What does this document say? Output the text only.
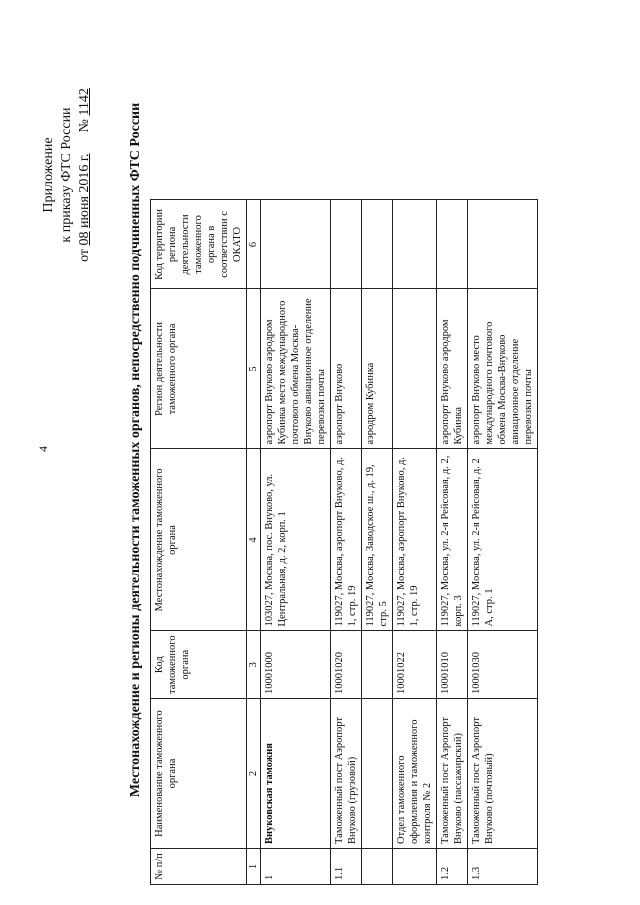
4
Приложение к приказу ФТС России
от 08 июня 2016 г.      № 1142
Местонахождение и регионы деятельности таможенных органов, непосредственно подчиненных ФТС России
№ п/п	Наименование таможенного органа	Код таможенного органа	Местонахождение таможенного органа	Регион деятельности таможенного органа	Код территории региона деятельности таможенного органа в соответствии с ОКАТО
1	2	3	4	5	6
1	Внуковская таможня	10001000	103027, Москва, пос. Внуково, ул. Центральная, д. 2, корп. 1	аэропорт Внуково аэродром Кубинка место международного почтового обмена Москва-Внуково авиационное отделение перевозки почты	
1.1	Таможенный пост Аэропорт Внуково (грузовой)	10001020	119027, Москва, аэропорт Внуково, д. 1, стр. 19	аэропорт Внуково	
			119027, Москва, Заводское ш., д. 19, стр. 5	аэродром Кубинка	
	Отдел таможенного оформления и таможенного контроля № 2	10001022	119027, Москва, аэропорт Внуково, д. 1, стр. 19		
1.2	Таможенный пост Аэропорт Внуково (пассажирский)	10001010	119027, Москва, ул. 2-я Рейсовая, д. 2, корп. 3	аэропорт Внуково аэродром Кубинка	
1.3	Таможенный пост Аэропорт Внуково (почтовый)	10001030	119027, Москва, ул. 2-я Рейсовая, д. 2 А, стр. 1	аэропорт Внуково место международного почтового обмена Москва-Внуково авиационное отделение перевозки почты	
